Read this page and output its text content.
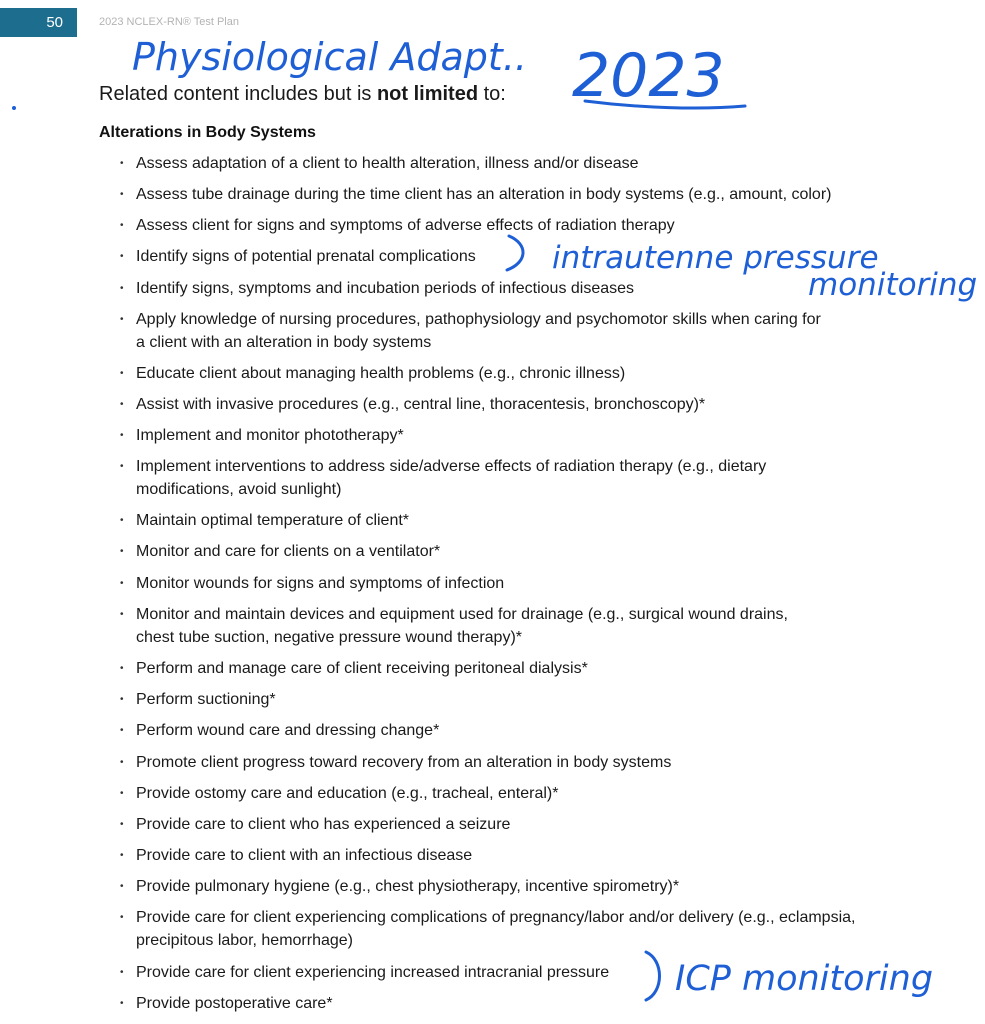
50	2023 NCLEX-RN® Test Plan
Related content includes but is not limited to:
Alterations in Body Systems
• Assess adaptation of a client to health alteration, illness and/or disease
• Assess tube drainage during the time client has an alteration in body systems (e.g., amount, color)
• Assess client for signs and symptoms of adverse effects of radiation therapy
• Identify signs of potential prenatal complications
• Identify signs, symptoms and incubation periods of infectious diseases
• Apply knowledge of nursing procedures, pathophysiology and psychomotor skills when caring for
a client with an alteration in body systems
• Educate client about managing health problems (e.g., chronic illness)
• Assist with invasive procedures (e.g., central line, thoracentesis, bronchoscopy)*
• Implement and monitor phototherapy*
• Implement interventions to address side/adverse effects of radiation therapy (e.g., dietary
modifications, avoid sunlight)
• Maintain optimal temperature of client*
• Monitor and care for clients on a ventilator*
• Monitor wounds for signs and symptoms of infection
• Monitor and maintain devices and equipment used for drainage (e.g., surgical wound drains,
chest tube suction, negative pressure wound therapy)*
• Perform and manage care of client receiving peritoneal dialysis*
• Perform suctioning*
• Perform wound care and dressing change*
• Promote client progress toward recovery from an alteration in body systems
• Provide ostomy care and education (e.g., tracheal, enteral)*
• Provide care to client who has experienced a seizure
• Provide care to client with an infectious disease
• Provide pulmonary hygiene (e.g., chest physiotherapy, incentive spirometry)*
• Provide care for client experiencing complications of pregnancy/labor and/or delivery (e.g., eclampsia,
precipitous labor, hemorrhage)
• Provide care for client experiencing increased intracranial pressure
• Provide postoperative care*
Physiological Adapt.. 2023
intrautenne pressure
monitoring
ICP monitoring
